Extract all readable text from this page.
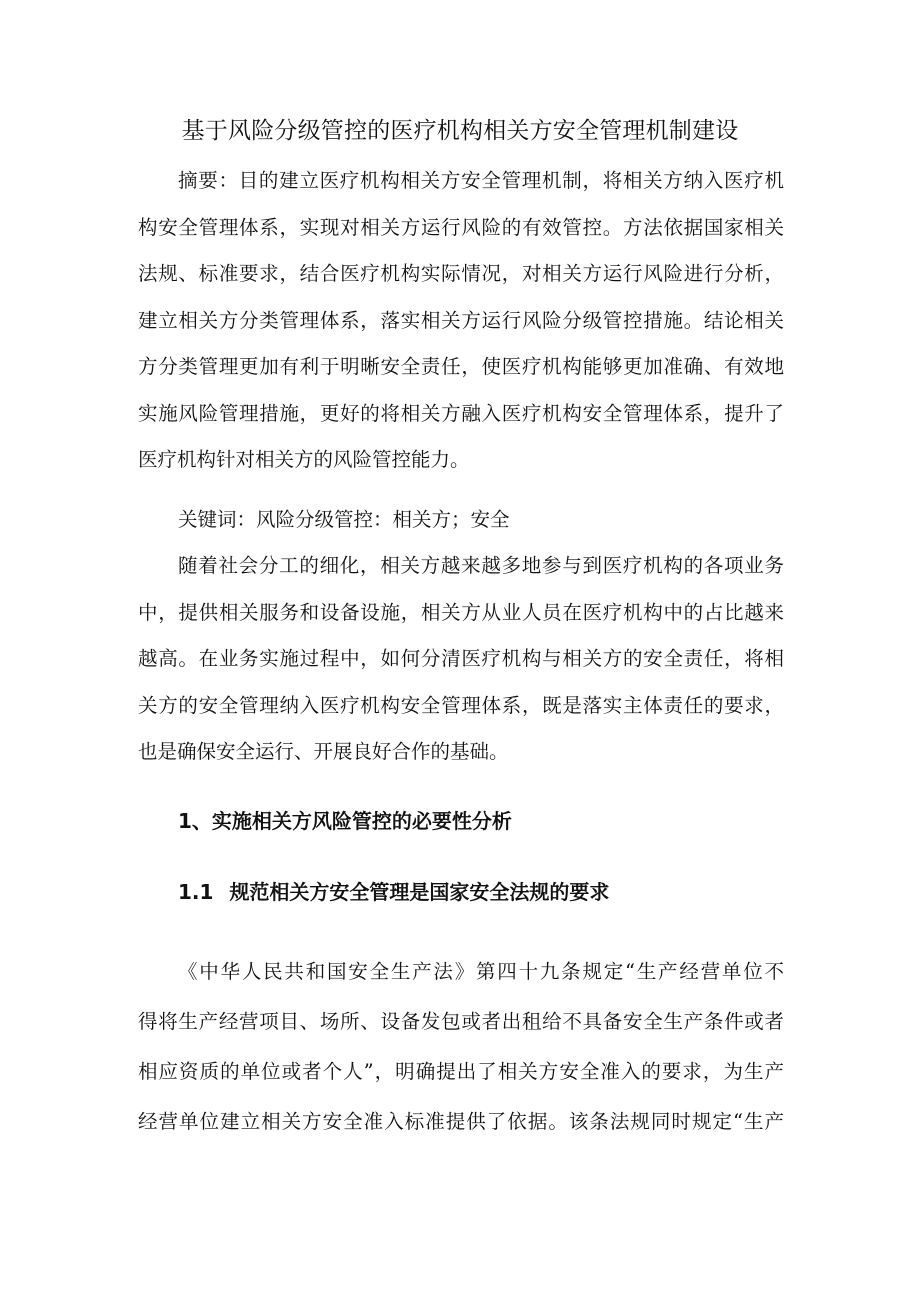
基于风险分级管控的医疗机构相关方安全管理机制建设
摘要：目的建立医疗机构相关方安全管理机制，将相关方纳入医疗机
构安全管理体系，实现对相关方运行风险的有效管控。方法依据国家相关
法规、标准要求，结合医疗机构实际情况，对相关方运行风险进行分析，
建立相关方分类管理体系，落实相关方运行风险分级管控措施。结论相关
方分类管理更加有利于明晰安全责任，使医疗机构能够更加准确、有效地
实施风险管理措施，更好的将相关方融入医疗机构安全管理体系，提升了
医疗机构针对相关方的风险管控能力。
关键词：风险分级管控：相关方；安全
随着社会分工的细化，相关方越来越多地参与到医疗机构的各项业务
中，提供相关服务和设备设施，相关方从业人员在医疗机构中的占比越来
越高。在业务实施过程中，如何分清医疗机构与相关方的安全责任，将相
关方的安全管理纳入医疗机构安全管理体系，既是落实主体责任的要求，
也是确保安全运行、开展良好合作的基础。
1、实施相关方风险管控的必要性分析
1.1 规范相关方安全管理是国家安全法规的要求
《中华人民共和国安全生产法》第四十九条规定“生产经营单位不
得将生产经营项目、场所、设备发包或者出租给不具备安全生产条件或者
相应资质的单位或者个人”，明确提出了相关方安全准入的要求，为生产
经营单位建立相关方安全准入标准提供了依据。该条法规同时规定“生产
